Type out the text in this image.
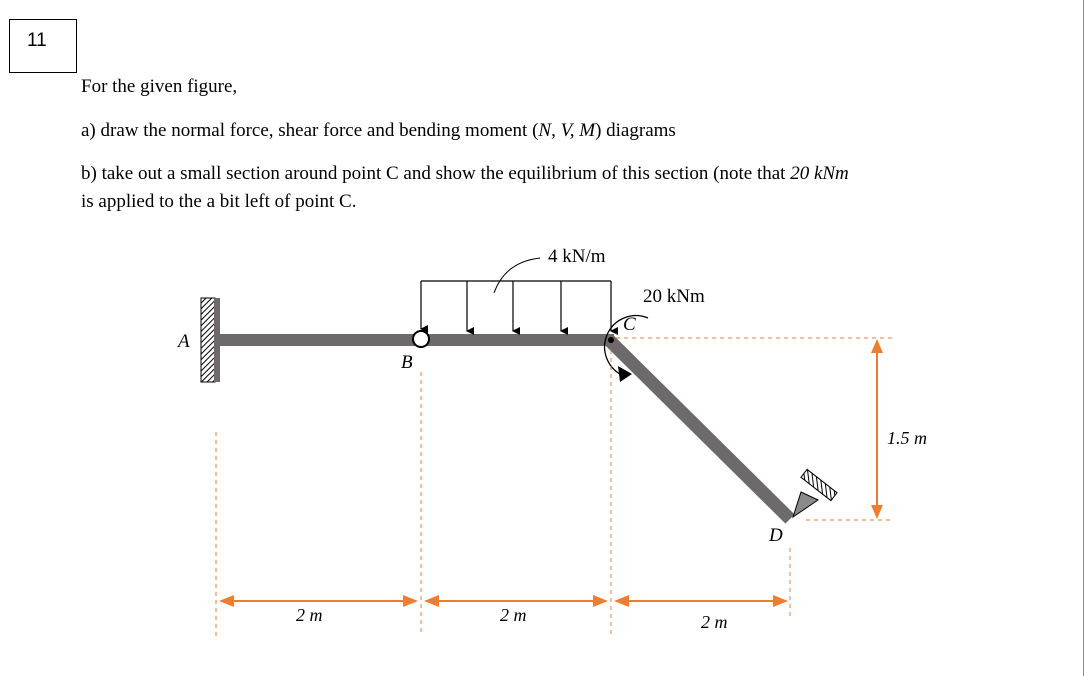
11
For the given figure,
a) draw the normal force, shear force and bending moment (N, V, M) diagrams
b) take out a small section around point C and show the equilibrium of this section (note that 20 kNm
is applied to the a bit left of point C.
4 kN/m
20 kNm
A
B
C
D
2 m	2 m	2 m
1.5 m
